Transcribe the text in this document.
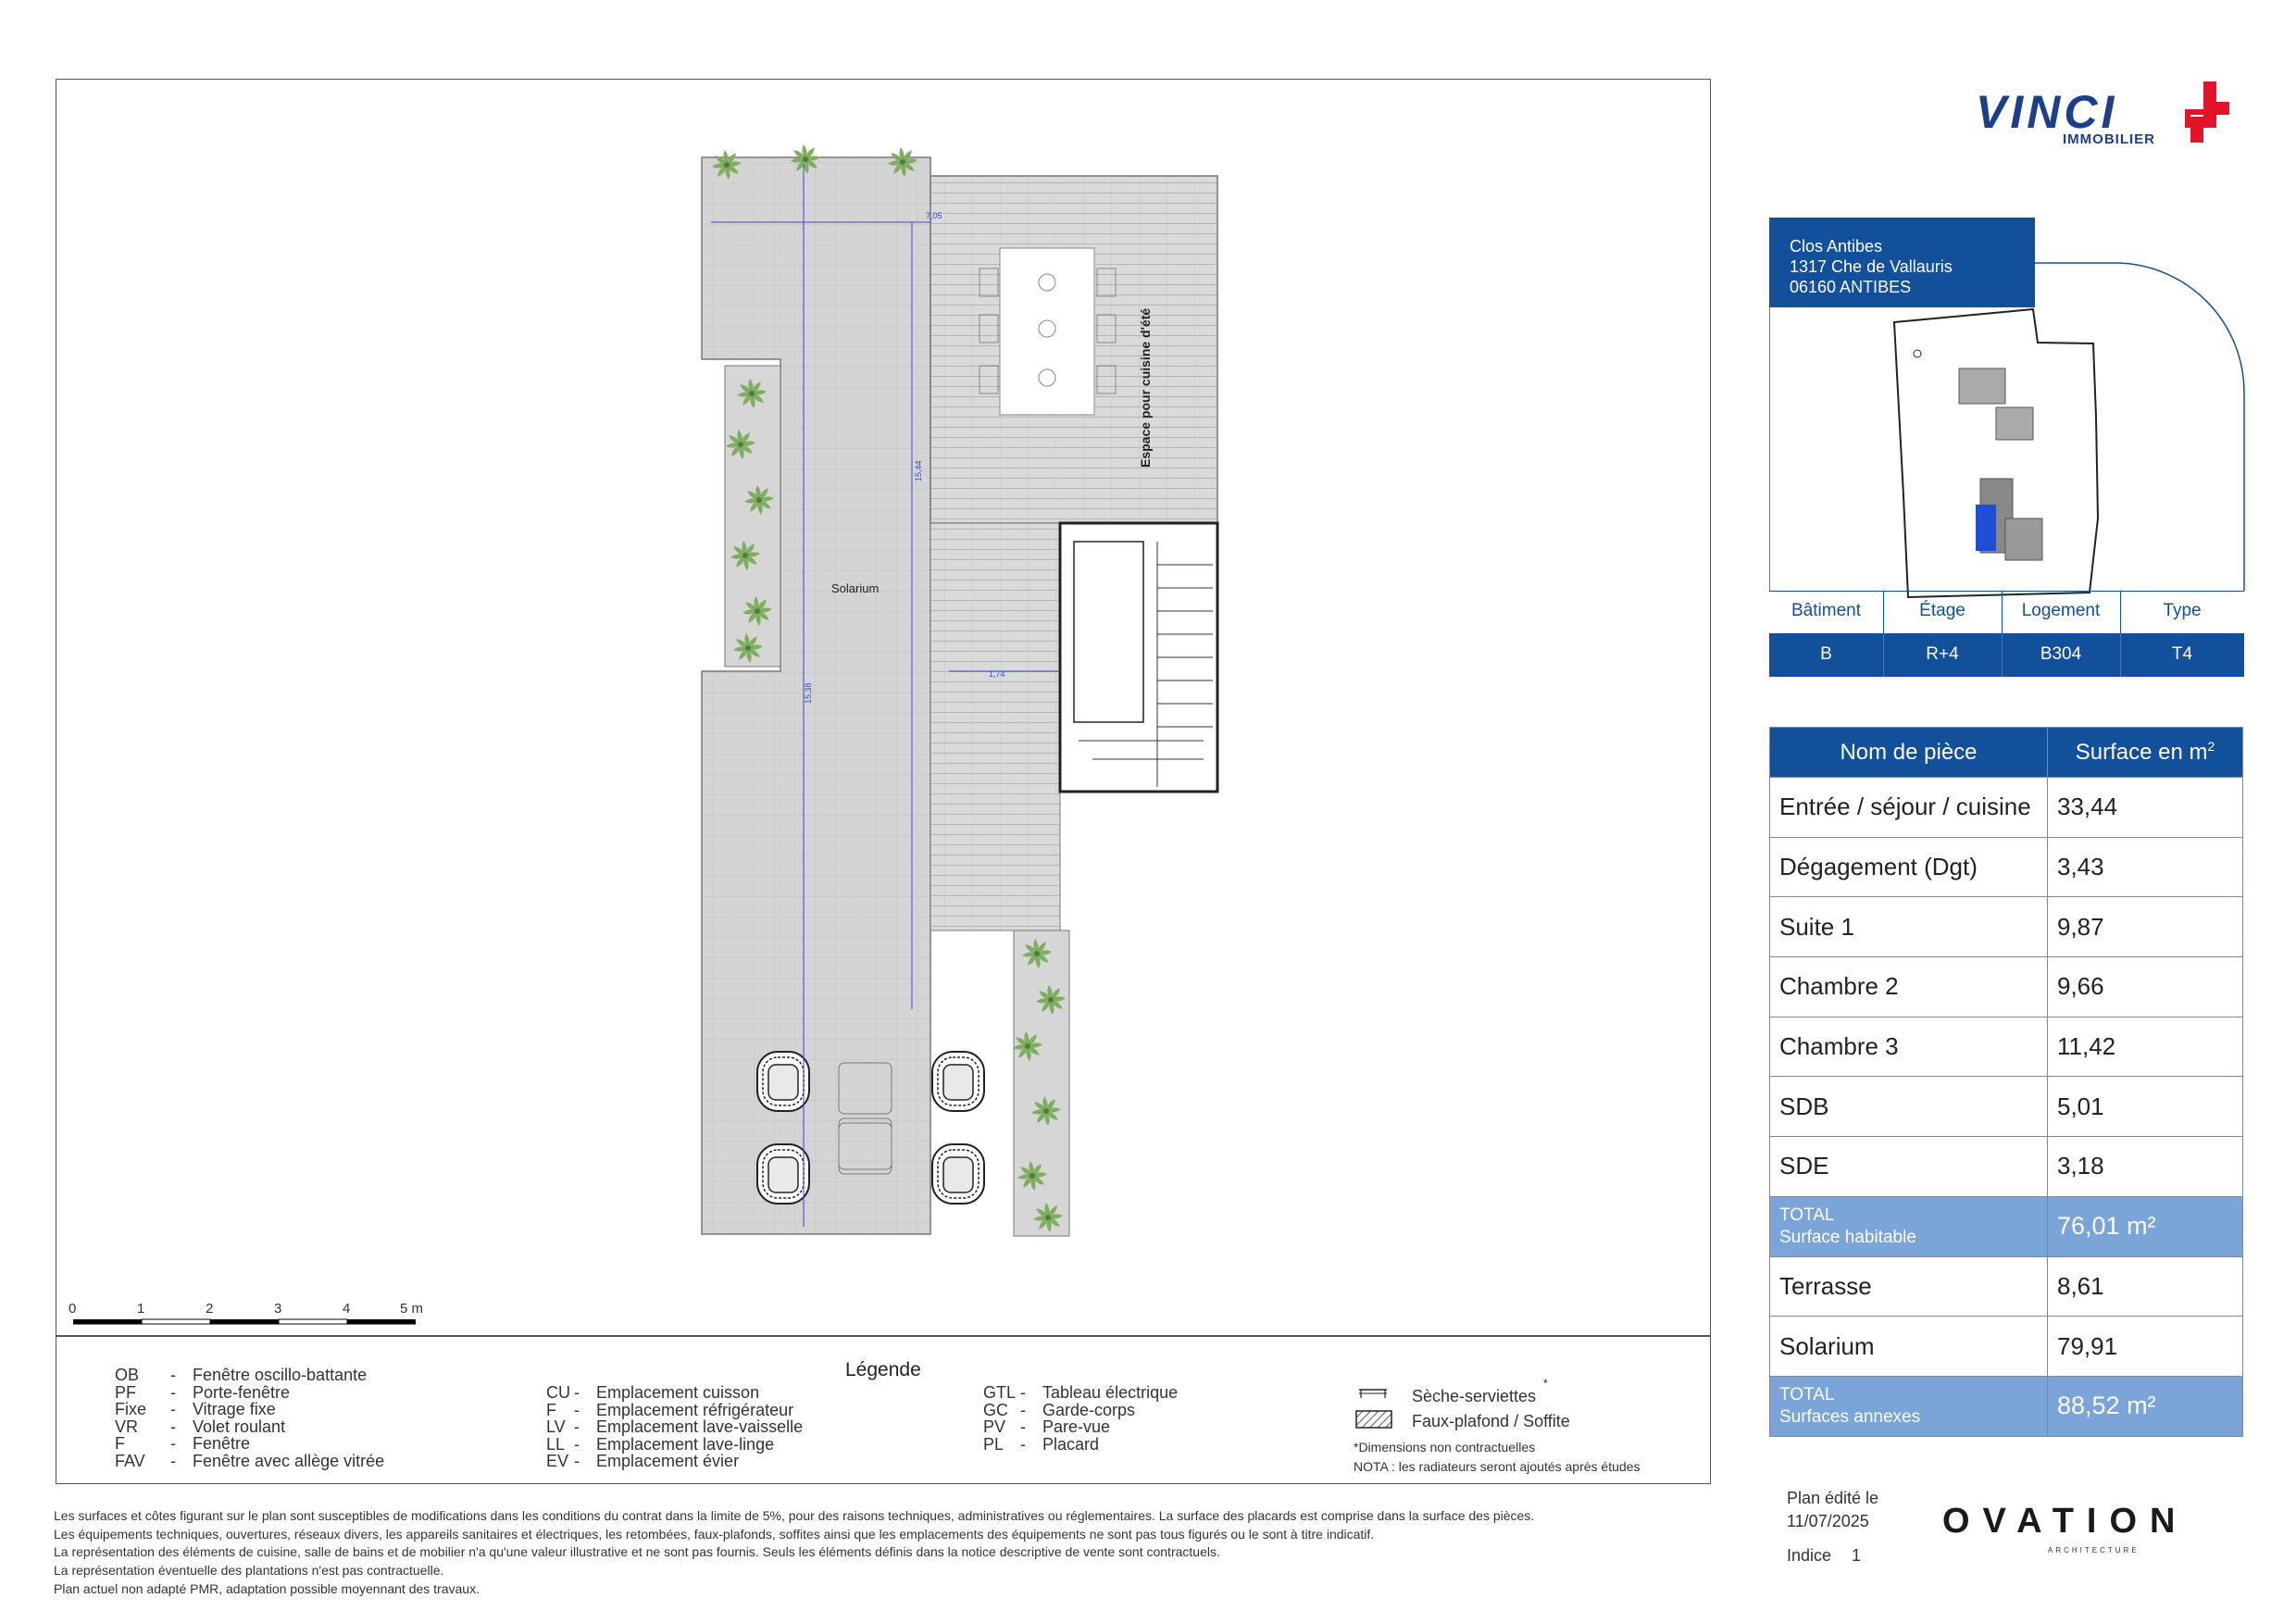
Espace pour cuisine d'été
7,05
15,44
15,38
1,74
Solarium
0	1	2	3	4	5 m
Légende
OB - Fenêtre oscillo-battante
PF - Porte-fenêtre
Fixe - Vitrage fixe
VR - Volet roulant
F	- Fenêtre
FAV - Fenêtre avec allège vitrée
CU - Emplacement cuisson
F - Emplacement réfrigérateur
LV - Emplacement lave-vaisselle
LL - Emplacement lave-linge
EV - Emplacement évier
GTL - Tableau électrique
GC - Garde-corps
PV - Pare-vue
PL - Placard
Sèche-serviettes
*
Faux-plafond / Soffite
*Dimensions non contractuelles
NOTA : les radiateurs seront ajoutés après études
VINCI
IMMOBILIER
Clos Antibes
1317 Che de Vallauris
06160 ANTIBES
Bâtiment	Étage	Logement	Type
B	R+4	B304	T4
Nom de pièce	Surface en $m^2$
Entrée / séjour / cuisine	33,44
Dégagement (Dgt)	3,43
Suite 1	9,87
Chambre 2	9,66
Chambre 3	11,42
SDB	5,01
SDE	3,18

TOTAL
Surface habitable	76,01 m²
Terrasse	8,61
Solarium	79,91

TOTAL
Surfaces annexes	88,52 m²
Les surfaces et côtes figurant sur le plan sont susceptibles de modifications dans les conditions du contrat dans la limite de 5%, pour des raisons techniques, administratives ou réglementaires. La surface des placards est comprise dans la surface des pièces.
Les équipements techniques, ouvertures, réseaux divers, les appareils sanitaires et électriques, les retombées, faux-plafonds, soffites ainsi que les emplacements des équipements ne sont pas tous figurés ou le sont à titre indicatif.
La représentation des éléments de cuisine, salle de bains et de mobilier n'a qu'une valeur illustrative et ne sont pas fournis. Seuls les éléments définis dans la notice descriptive de vente sont contractuels.
La représentation éventuelle des plantations n'est pas contractuelle.
Plan actuel non adapté PMR, adaptation possible moyennant des travaux.
Plan édité le
11/07/2025
Indice 1
OVATION
ARCHITECTURE
